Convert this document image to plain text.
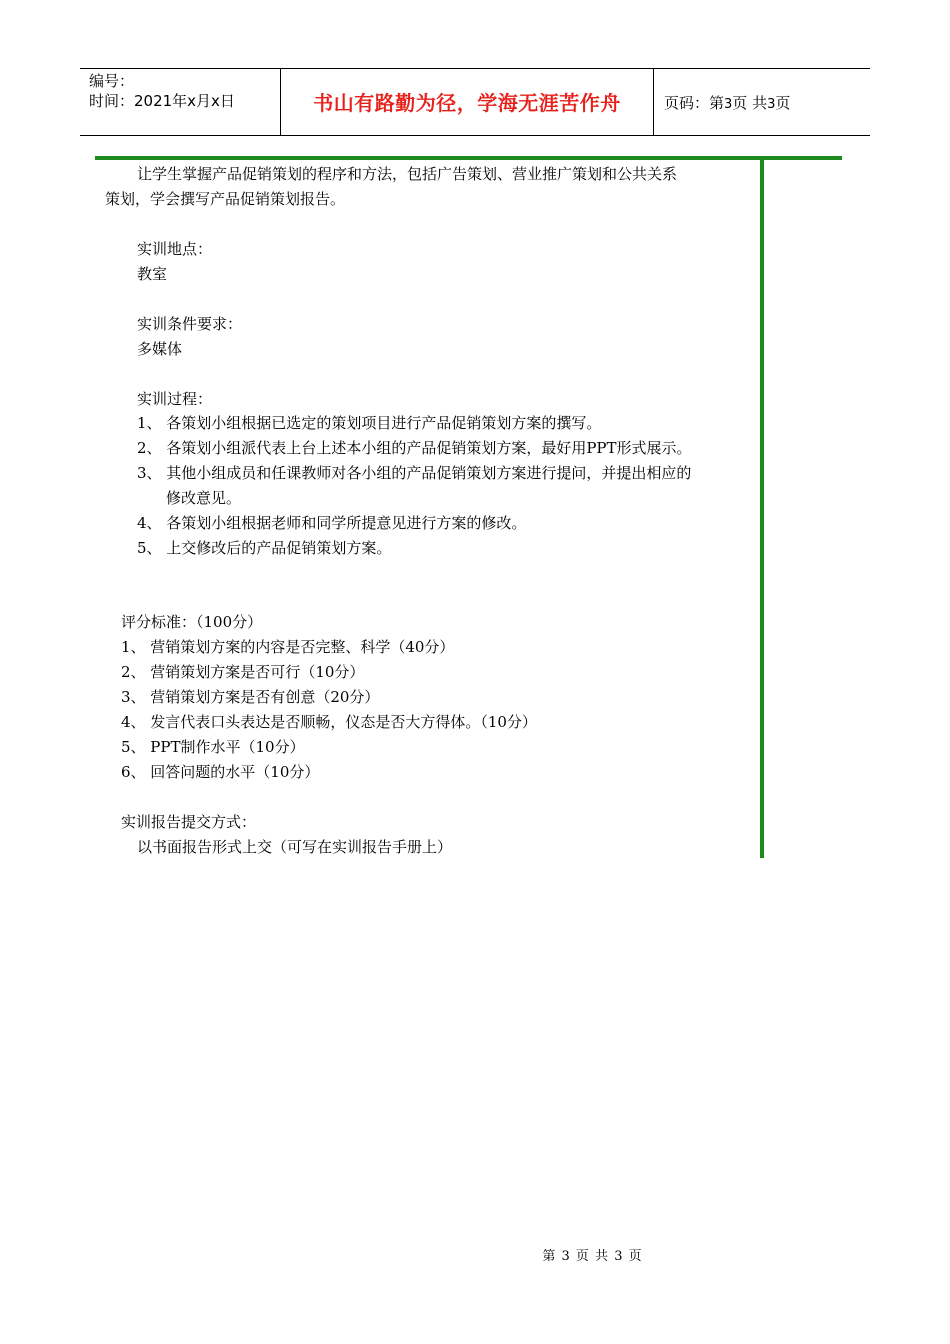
编号：
时间：2021年x月x日	书山有路勤为径，学海无涯苦作舟	页码：第3页 共3页
让学生掌握产品促销策划的程序和方法，包括广告策划、营业推广策划和公共关系
策划，学会撰写产品促销策划报告。
实训地点：
教室
实训条件要求：
多媒体
实训过程：
1、 各策划小组根据已选定的策划项目进行产品促销策划方案的撰写。
2、 各策划小组派代表上台上述本小组的产品促销策划方案，最好用PPT形式展示。
3、 其他小组成员和任课教师对各小组的产品促销策划方案进行提问，并提出相应的
修改意见。
4、 各策划小组根据老师和同学所提意见进行方案的修改。
5、 上交修改后的产品促销策划方案。
评分标准：（100分）
1、 营销策划方案的内容是否完整、科学（40分）
2、 营销策划方案是否可行（10分）
3、 营销策划方案是否有创意（20分）
4、 发言代表口头表达是否顺畅，仪态是否大方得体。（10分）
5、 PPT制作水平（10分）
6、 回答问题的水平（10分）
实训报告提交方式：
以书面报告形式上交（可写在实训报告手册上）
第 3 页 共 3 页
